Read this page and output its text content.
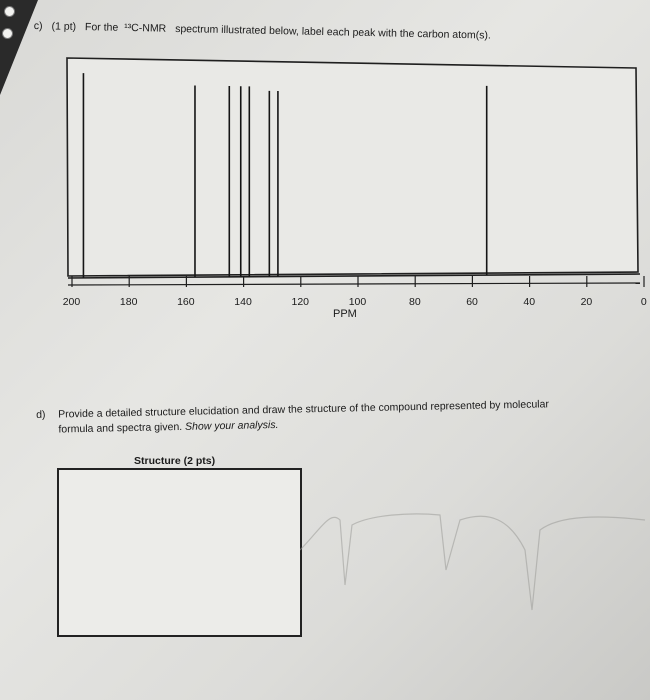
c) (1 pt) For the ¹³C-NMR spectrum illustrated below, label each peak with the carbon atom(s).
200	180	160	140	120	100	80	60	40	20	0
PPM
d) Provide a detailed structure elucidation and draw the structure of the compound represented by molecular
formula and spectra given. Show your analysis.
Structure (2 pts)
